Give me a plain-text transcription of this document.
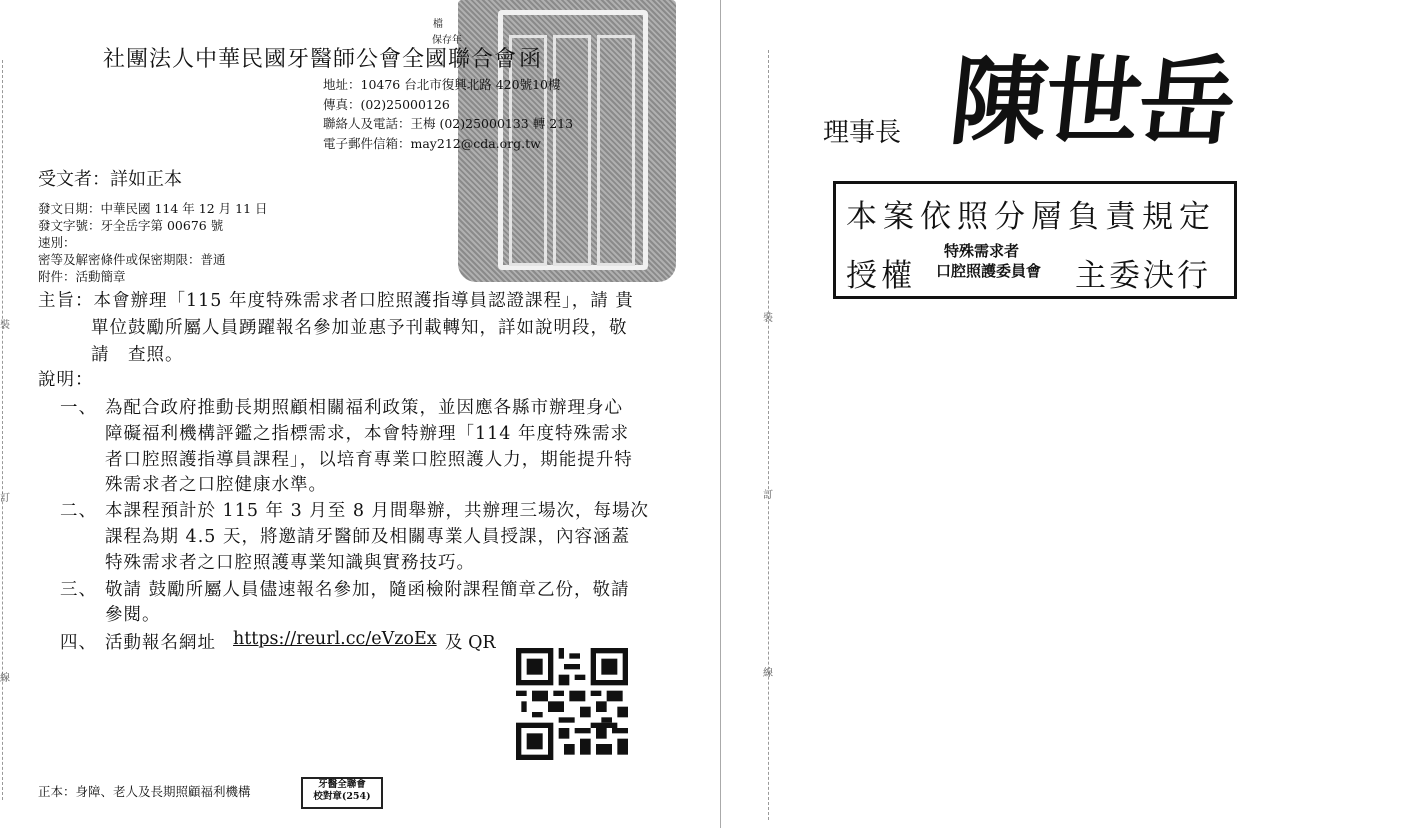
裝
訂
線
裝
訂
線
檔
保存年
社團法人中華民國牙醫師公會全國聯合會函
地址：10476 台北市復興北路 420號10樓
傳真：(02)25000126
聯絡人及電話：王梅 (02)25000133 轉 213
電子郵件信箱：may212@cda.org.tw
受文者：詳如正本
發文日期：中華民國 114 年 12 月 11 日
發文字號：牙全岳字第 00676 號
速別：
密等及解密條件或保密期限：普通
附件：活動簡章
主旨：本會辦理「115 年度特殊需求者口腔照護指導員認證課程」，請 貴
單位鼓勵所屬人員踴躍報名參加並惠予刊載轉知，詳如說明段，敬
請　查照。
說明：
一、 為配合政府推動長期照顧相關福利政策，並因應各縣市辦理身心
障礙福利機構評鑑之指標需求，本會特辦理「114 年度特殊需求
者口腔照護指導員課程」，以培育專業口腔照護人力，期能提升特
殊需求者之口腔健康水準。
二、 本課程預計於 115 年 3 月至 8 月間舉辦，共辦理三場次，每場次
課程為期 4.5 天，將邀請牙醫師及相關專業人員授課，內容涵蓋
特殊需求者之口腔照護專業知識與實務技巧。
三、 敬請 鼓勵所屬人員儘速報名參加，隨函檢附課程簡章乙份，敬請
參閱。
四、 活動報名網址 https://reurl.cc/eVzoEx 及 QR
正本：身障、老人及長期照顧福利機構	牙醫全聯會
校對章(254)
理事長 陳世岳
本案依照分層負責規定
授權
特殊需求者
口腔照護委員會 主委決行
